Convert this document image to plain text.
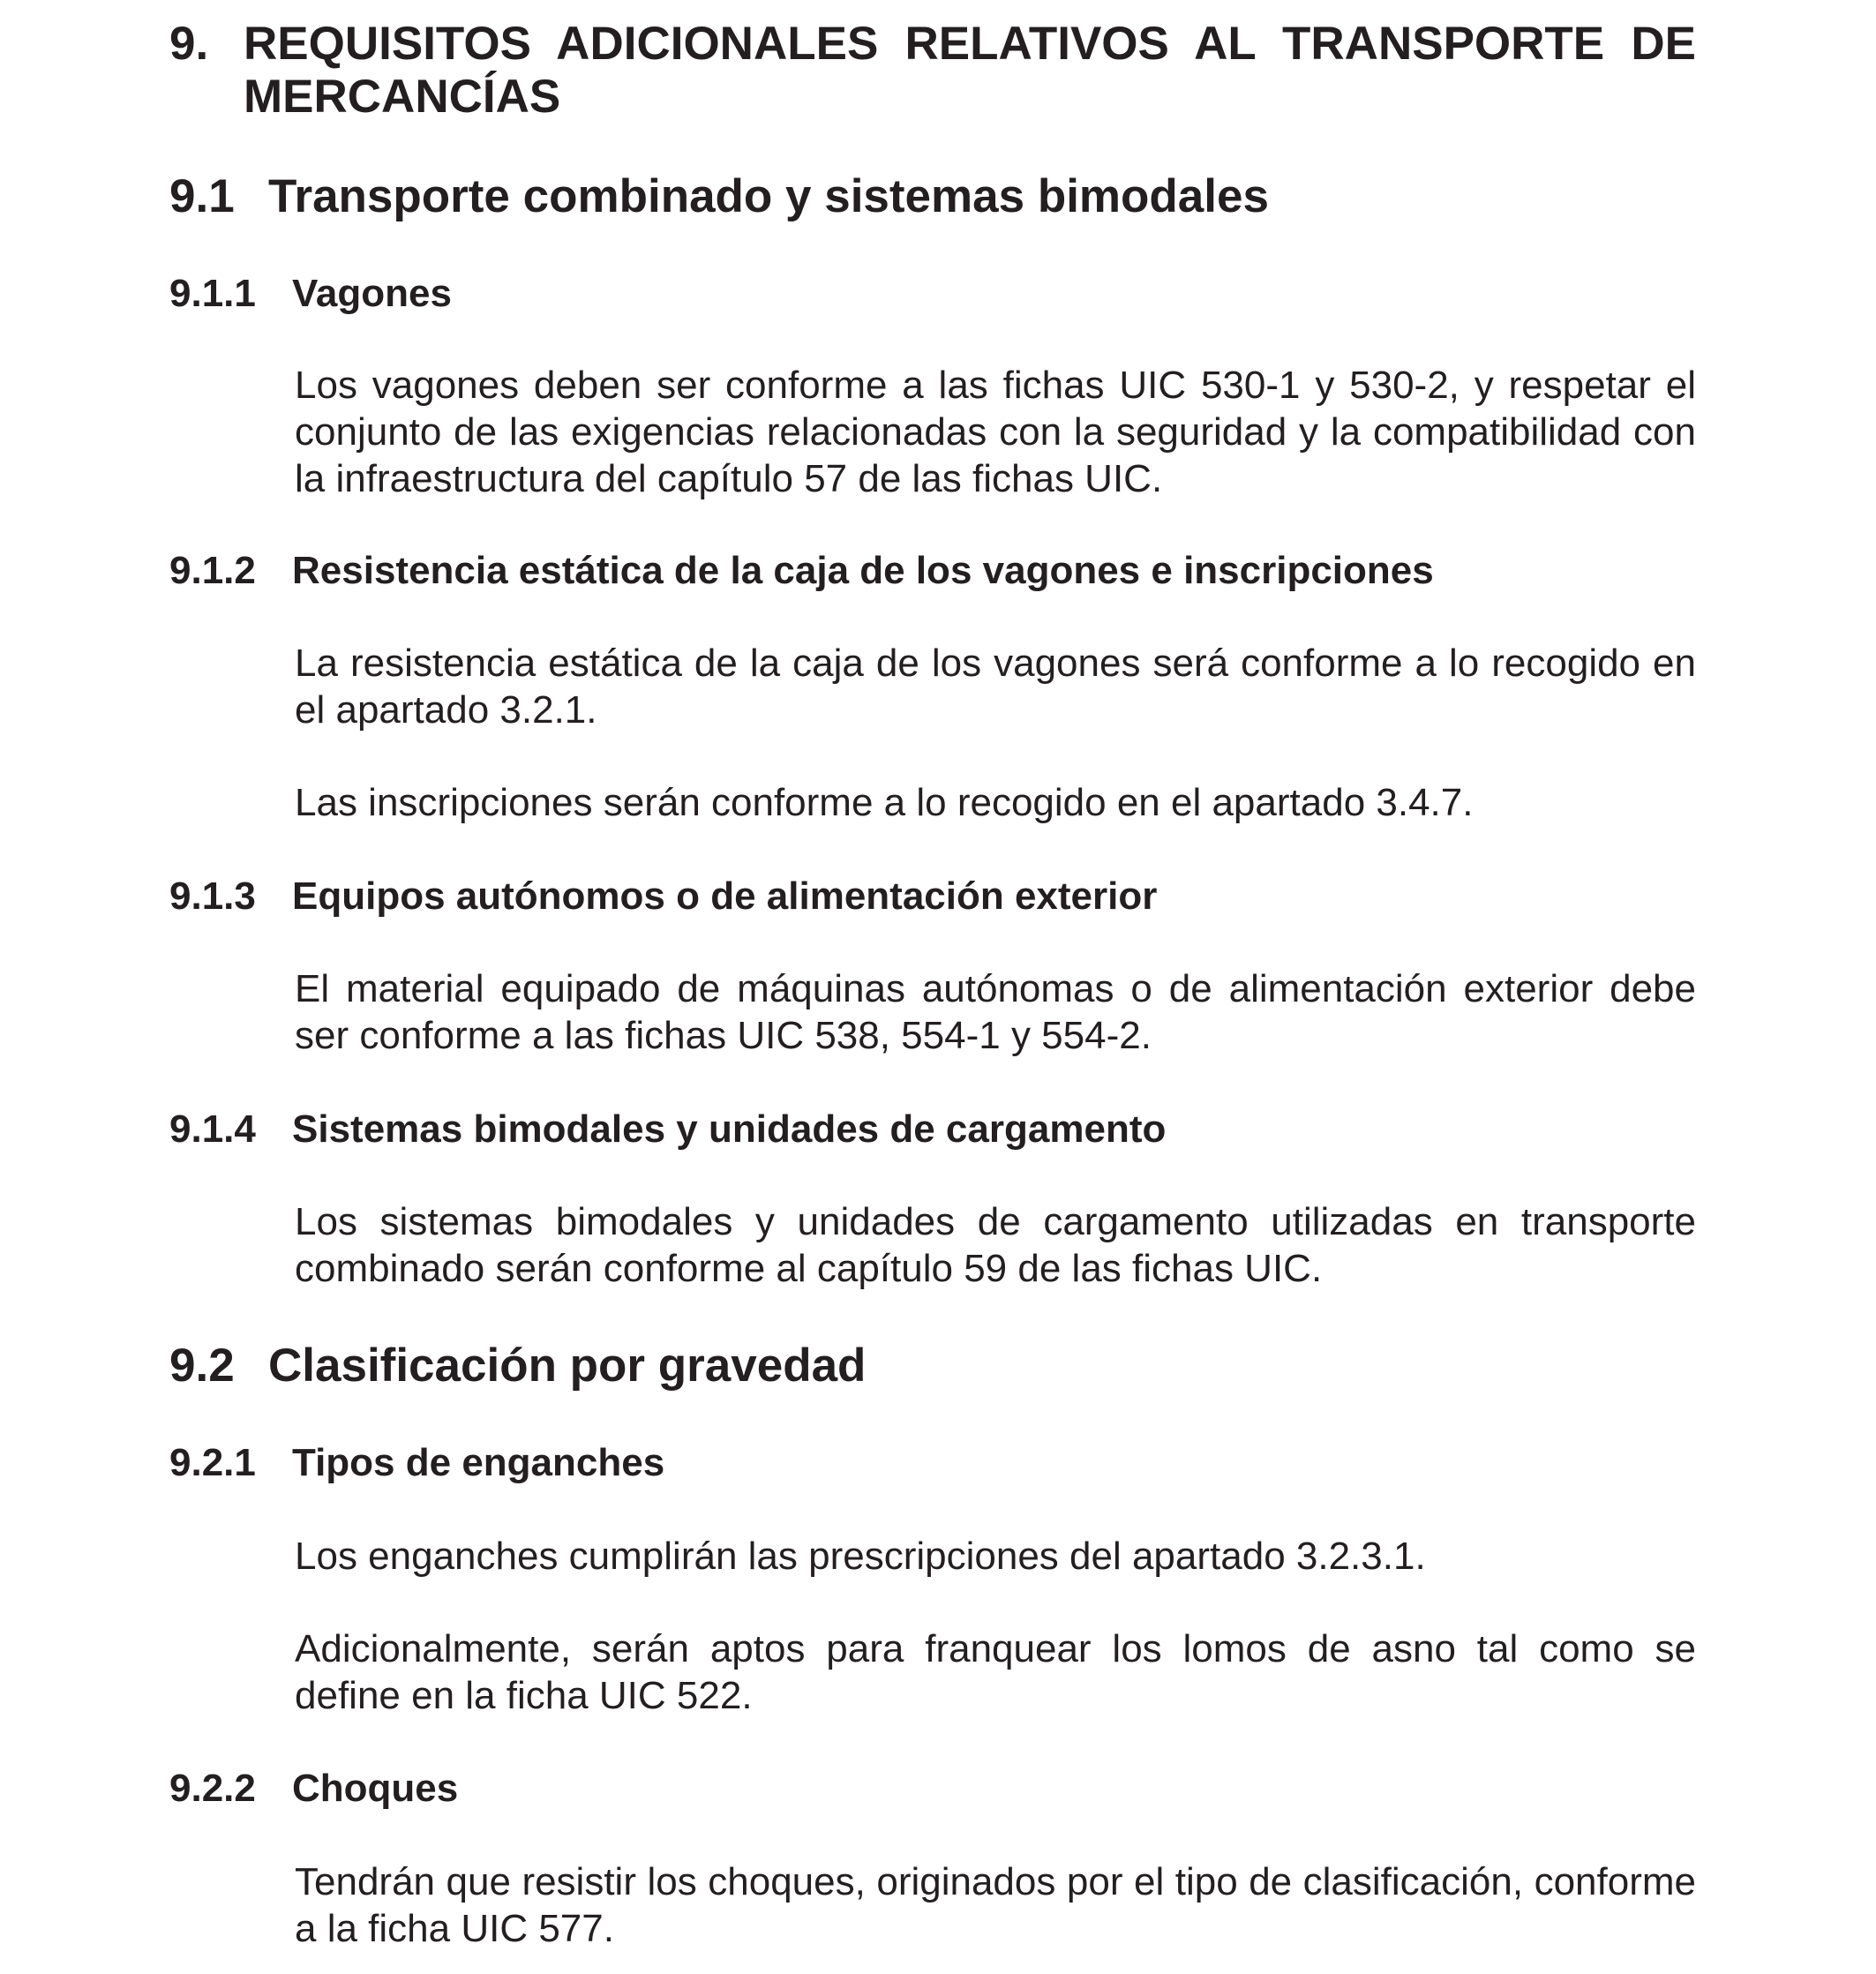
9. REQUISITOS ADICIONALES RELATIVOS AL TRANSPORTE DE MERCANCÍAS
9.1 Transporte combinado y sistemas bimodales
9.1.1 Vagones
Los vagones deben ser conforme a las fichas UIC 530-1 y 530-2, y respetar el conjunto de las exigencias relacionadas con la seguridad y la compatibilidad con la infraestructura del capítulo 57 de las fichas UIC.
9.1.2 Resistencia estática de la caja de los vagones e inscripciones
La resistencia estática de la caja de los vagones será conforme a lo recogido en el apartado 3.2.1.
Las inscripciones serán conforme a lo recogido en el apartado 3.4.7.
9.1.3 Equipos autónomos o de alimentación exterior
El material equipado de máquinas autónomas o de alimentación exterior debe ser conforme a las fichas UIC 538, 554-1 y 554-2.
9.1.4 Sistemas bimodales y unidades de cargamento
Los sistemas bimodales y unidades de cargamento utilizadas en transporte combinado serán conforme al capítulo 59 de las fichas UIC.
9.2 Clasificación por gravedad
9.2.1 Tipos de enganches
Los enganches cumplirán las prescripciones del apartado 3.2.3.1.
Adicionalmente, serán aptos para franquear los lomos de asno tal como se define en la ficha UIC 522.
9.2.2 Choques
Tendrán que resistir los choques, originados por el tipo de clasificación, conforme a la ficha UIC 577.
